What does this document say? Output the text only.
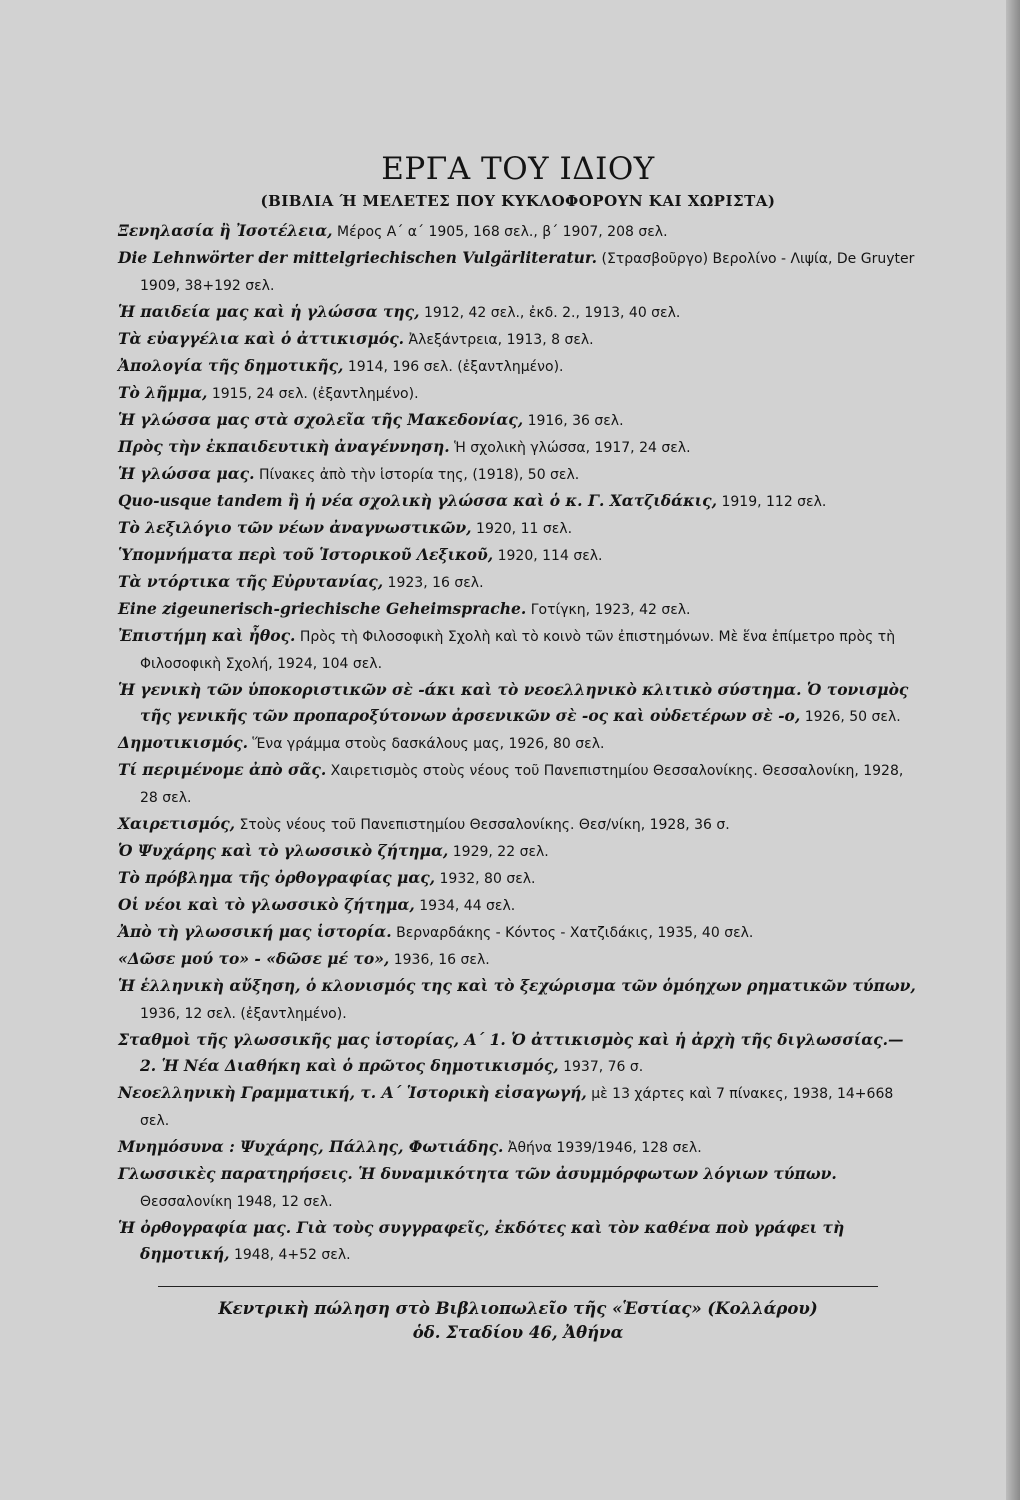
ΕΡΓΑ ΤΟΥ ΙΔΙΟΥ
(ΒΙΒΛΙΑ Ή ΜΕΛΕΤΕΣ ΠΟΥ ΚΥΚΛΟΦΟΡΟΥΝ ΚΑΙ ΧΩΡΙΣΤΑ)
Ξενηλασία ἢ Ἰσοτέλεια, Μέρος Α΄ α΄ 1905, 168 σελ., β΄ 1907, 208 σελ.
Die Lehnwörter der mittelgriechischen Vulgärliteratur. (Στρασβοῦργο) Βερολίνο - Λιψία, De Gruyter 1909, 38+192 σελ.
Ἡ παιδεία μας καὶ ἡ γλώσσα της, 1912, 42 σελ., ἐκδ. 2., 1913, 40 σελ.
Τὰ εὐαγγέλια καὶ ὁ ἀττικισμός. Ἀλεξάντρεια, 1913, 8 σελ.
Ἀπολογία τῆς δημοτικῆς, 1914, 196 σελ. (ἐξαντλημένο).
Τὸ λῆμμα, 1915, 24 σελ. (ἐξαντλημένο).
Ἡ γλώσσα μας στὰ σχολεῖα τῆς Μακεδονίας, 1916, 36 σελ.
Πρὸς τὴν ἐκπαιδευτικὴ ἀναγέννηση. Ἡ σχολικὴ γλώσσα, 1917, 24 σελ.
Ἡ γλώσσα μας. Πίνακες ἀπὸ τὴν ἱστορία της, (1918), 50 σελ.
Quo-usque tandem ἢ ἡ νέα σχολικὴ γλώσσα καὶ ὁ κ. Γ. Χατζιδάκις, 1919, 112 σελ.
Τὸ λεξιλόγιο τῶν νέων ἀναγνωστικῶν, 1920, 11 σελ.
Ὑπομνήματα περὶ τοῦ Ἱστορικοῦ Λεξικοῦ, 1920, 114 σελ.
Τὰ ντόρτικα τῆς Εὐρυτανίας, 1923, 16 σελ.
Eine zigeunerisch-griechische Geheimsprache. Γοτίγκη, 1923, 42 σελ.
Ἐπιστήμη καὶ ἦθος. Πρὸς τὴ Φιλοσοφικὴ Σχολὴ καὶ τὸ κοινὸ τῶν ἐπιστημόνων. Μὲ ἕνα ἐπίμετρο πρὸς τὴ Φιλοσοφικὴ Σχολή, 1924, 104 σελ.
Ἡ γενικὴ τῶν ὑποκοριστικῶν σὲ -άκι καὶ τὸ νεοελληνικὸ κλιτικὸ σύστημα. Ὁ τονισμὸς τῆς γενικῆς τῶν προπαροξύτονων ἀρσενικῶν σὲ -ος καὶ οὐδετέρων σὲ -ο, 1926, 50 σελ.
Δημοτικισμός. Ἕνα γράμμα στοὺς δασκάλους μας, 1926, 80 σελ.
Τί περιμένομε ἀπὸ σᾶς. Χαιρετισμὸς στοὺς νέους τοῦ Πανεπιστημίου Θεσσαλονίκης. Θεσσαλονίκη, 1928, 28 σελ.
Χαιρετισμός, Στοὺς νέους τοῦ Πανεπιστημίου Θεσσαλονίκης. Θεσ/νίκη, 1928, 36 σ.
Ὁ Ψυχάρης καὶ τὸ γλωσσικὸ ζήτημα, 1929, 22 σελ.
Τὸ πρόβλημα τῆς ὀρθογραφίας μας, 1932, 80 σελ.
Οἱ νέοι καὶ τὸ γλωσσικὸ ζήτημα, 1934, 44 σελ.
Ἀπὸ τὴ γλωσσική μας ἱστορία. Βερναρδάκης - Κόντος - Χατζιδάκις, 1935, 40 σελ.
«Δῶσε μού το» - «δῶσε μέ το», 1936, 16 σελ.
Ἡ ἑλληνικὴ αὔξηση, ὁ κλονισμός της καὶ τὸ ξεχώρισμα τῶν ὁμόηχων ρηματικῶν τύπων, 1936, 12 σελ. (ἐξαντλημένο).
Σταθμοὶ τῆς γλωσσικῆς μας ἱστορίας, Α΄ 1. Ὁ ἀττικισμὸς καὶ ἡ ἀρχὴ τῆς διγλωσσίας.— 2. Ἡ Νέα Διαθήκη καὶ ὁ πρῶτος δημοτικισμός, 1937, 76 σ.
Νεοελληνικὴ Γραμματική, τ. Α΄ Ἱστορικὴ εἰσαγωγή, μὲ 13 χάρτες καὶ 7 πίνακες, 1938, 14+668 σελ.
Μνημόσυνα : Ψυχάρης, Πάλλης, Φωτιάδης. Ἀθήνα 1939/1946, 128 σελ.
Γλωσσικὲς παρατηρήσεις. Ἡ δυναμικότητα τῶν ἀσυμμόρφωτων λόγιων τύπων. Θεσσαλονίκη 1948, 12 σελ.
Ἡ ὀρθογραφία μας. Γιὰ τοὺς συγγραφεῖς, ἐκδότες καὶ τὸν καθένα ποὺ γράφει τὴ δημοτική, 1948, 4+52 σελ.
Κεντρικὴ πώληση στὸ Βιβλιοπωλεῖο τῆς «Ἑστίας» (Κολλάρου)
ὁδ. Σταδίου 46, Ἀθήνα
